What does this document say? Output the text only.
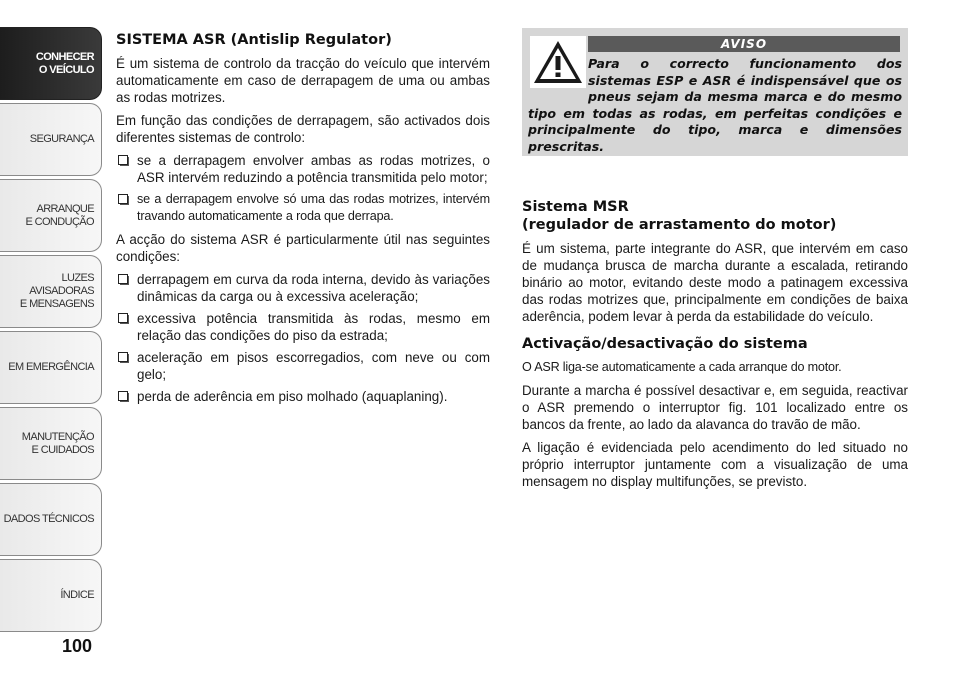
CONHECER
O VEÍCULO
SEGURANÇA
ARRANQUE
E CONDUÇÃO
LUZES AVISADORAS
E MENSAGENS
EM EMERGÊNCIA
MANUTENÇÃO
E CUIDADOS
DADOS TÉCNICOS
ÍNDICE
100
SISTEMA ASR (Antislip Regulator)

É um sistema de controlo da tracção do veículo que intervém automaticamente em caso de derrapagem de uma ou ambas as rodas motrizes.

Em função das condições de derrapagem, são activados dois diferentes sistemas de controlo:

se a derrapagem envolver ambas as rodas motrizes, o ASR intervém reduzindo a potência transmitida pelo motor;
se a derrapagem envolve só uma das rodas motrizes, intervém travando automaticamente a roda que derrapa.

A acção do sistema ASR é particularmente útil nas seguintes condições:

derrapagem em curva da roda interna, devido às variações dinâmicas da carga ou à excessiva aceleração;
excessiva potência transmitida às rodas, mesmo em relação das condições do piso da estrada;
aceleração em pisos escorregadios, com neve ou com gelo;
perda de aderência em piso molhado (aquaplaning).
AVISO
Para o correcto funcionamento dos sistemas ESP e ASR é indispensável que os pneus sejam da mesma marca e do mesmo tipo em todas as rodas, em perfeitas condições e principalmente do tipo, marca e dimensões prescritas.
Sistema MSR
(regulador de arrastamento do motor)

É um sistema, parte integrante do ASR, que intervém em caso de mudança brusca de marcha durante a escalada, retirando binário ao motor, evitando deste modo a patinagem excessiva das rodas motrizes que, principalmente em condições de baixa aderência, podem levar à perda da estabilidade do veículo.

Activação/desactivação do sistema

O ASR liga-se automaticamente a cada arranque do motor.

Durante a marcha é possível desactivar e, em seguida, reactivar o ASR premendo o interruptor fig. 101 localizado entre os bancos da frente, ao lado da alavanca do travão de mão.

A ligação é evidenciada pelo acendimento do led situado no próprio interruptor juntamente com a visualização de uma mensagem no display multifunções, se previsto.
